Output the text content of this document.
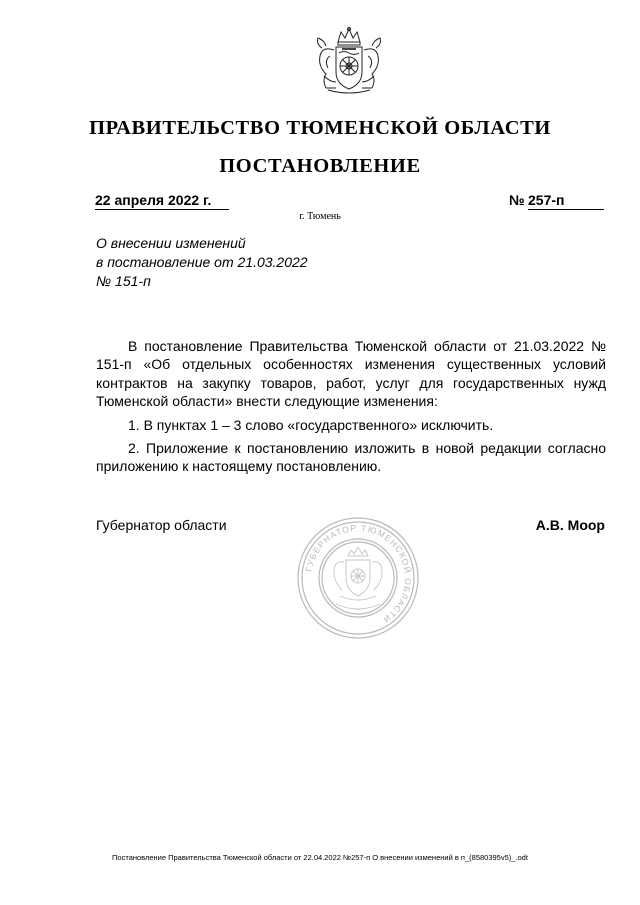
ПРАВИТЕЛЬСТВО ТЮМЕНСКОЙ ОБЛАСТИ
ПОСТАНОВЛЕНИЕ
22 апреля 2022 г.	№ 257-п
г. Тюмень
О внесении изменений
в постановление от 21.03.2022
№ 151-п

В постановление Правительства Тюменской области от 21.03.2022 № 151-п «Об отдельных особенностях изменения существенных условий контрактов на закупку товаров, работ, услуг для государственных нужд Тюменской области» внести следующие изменения:

1. В пунктах 1 – 3 слово «государственного» исключить.

2. Приложение к постановлению изложить в новой редакции согласно приложению к настоящему постановлению.

Губернатор области
ГУБЕРНАТОР ТЮМЕНСКОЙ ОБЛАСТИ
А.В. Моор
Постановление Правительства Тюменской области от 22.04.2022 №257-п О внесении изменений в п_(8580395v5)_.odt
